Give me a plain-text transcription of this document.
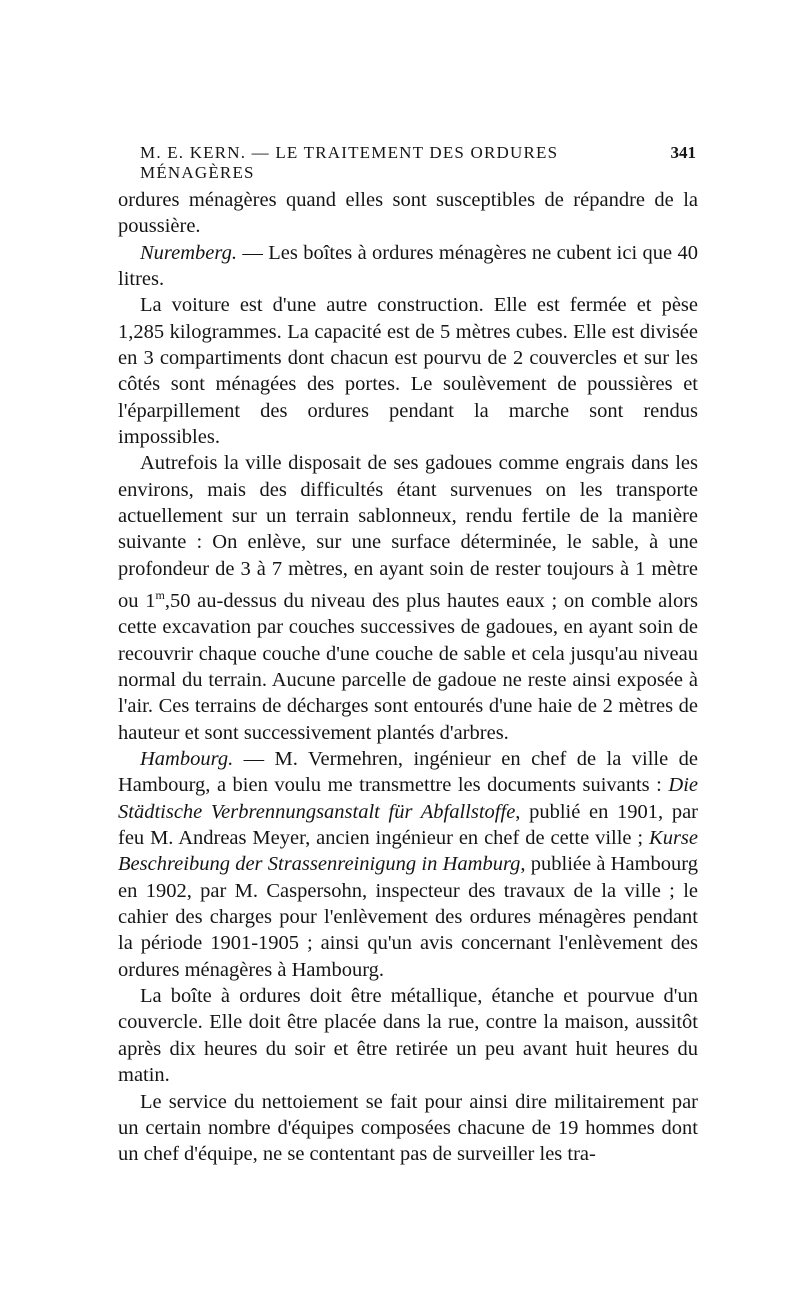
M. E. KERN. — LE TRAITEMENT DES ORDURES MÉNAGÈRES
341

ordures ménagères quand elles sont susceptibles de répandre de la poussière.

Nuremberg. — Les boîtes à ordures ménagères ne cubent ici que 40 litres.

La voiture est d'une autre construction. Elle est fermée et pèse 1,285 kilogrammes. La capacité est de 5 mètres cubes. Elle est divisée en 3 compartiments dont chacun est pourvu de 2 couvercles et sur les côtés sont ménagées des portes. Le soulèvement de poussières et l'éparpillement des ordures pendant la marche sont rendus impossibles.

Autrefois la ville disposait de ses gadoues comme engrais dans les environs, mais des difficultés étant survenues on les transporte actuellement sur un terrain sablonneux, rendu fertile de la manière suivante : On enlève, sur une surface déterminée, le sable, à une profondeur de 3 à 7 mètres, en ayant soin de rester toujours à 1 mètre ou 1$^m$,50 au-dessus du niveau des plus hautes eaux ; on comble alors cette excavation par couches successives de gadoues, en ayant soin de recouvrir chaque couche d'une couche de sable et cela jusqu'au niveau normal du terrain. Aucune parcelle de gadoue ne reste ainsi exposée à l'air. Ces terrains de décharges sont entourés d'une haie de 2 mètres de hauteur et sont successivement plantés d'arbres.

Hambourg. — M. Vermehren, ingénieur en chef de la ville de Hambourg, a bien voulu me transmettre les documents suivants : Die Städtische Verbrennungsanstalt für Abfallstoffe, publié en 1901, par feu M. Andreas Meyer, ancien ingénieur en chef de cette ville ; Kurse Beschreibung der Strassenreinigung in Hamburg, publiée à Hambourg en 1902, par M. Caspersohn, inspecteur des travaux de la ville ; le cahier des charges pour l'enlèvement des ordures ménagères pendant la période 1901-1905 ; ainsi qu'un avis concernant l'enlèvement des ordures ménagères à Hambourg.

La boîte à ordures doit être métallique, étanche et pourvue d'un couvercle. Elle doit être placée dans la rue, contre la maison, aussitôt après dix heures du soir et être retirée un peu avant huit heures du matin.

Le service du nettoiement se fait pour ainsi dire militairement par un certain nombre d'équipes composées chacune de 19 hommes dont un chef d'équipe, ne se contentant pas de surveiller les tra-
